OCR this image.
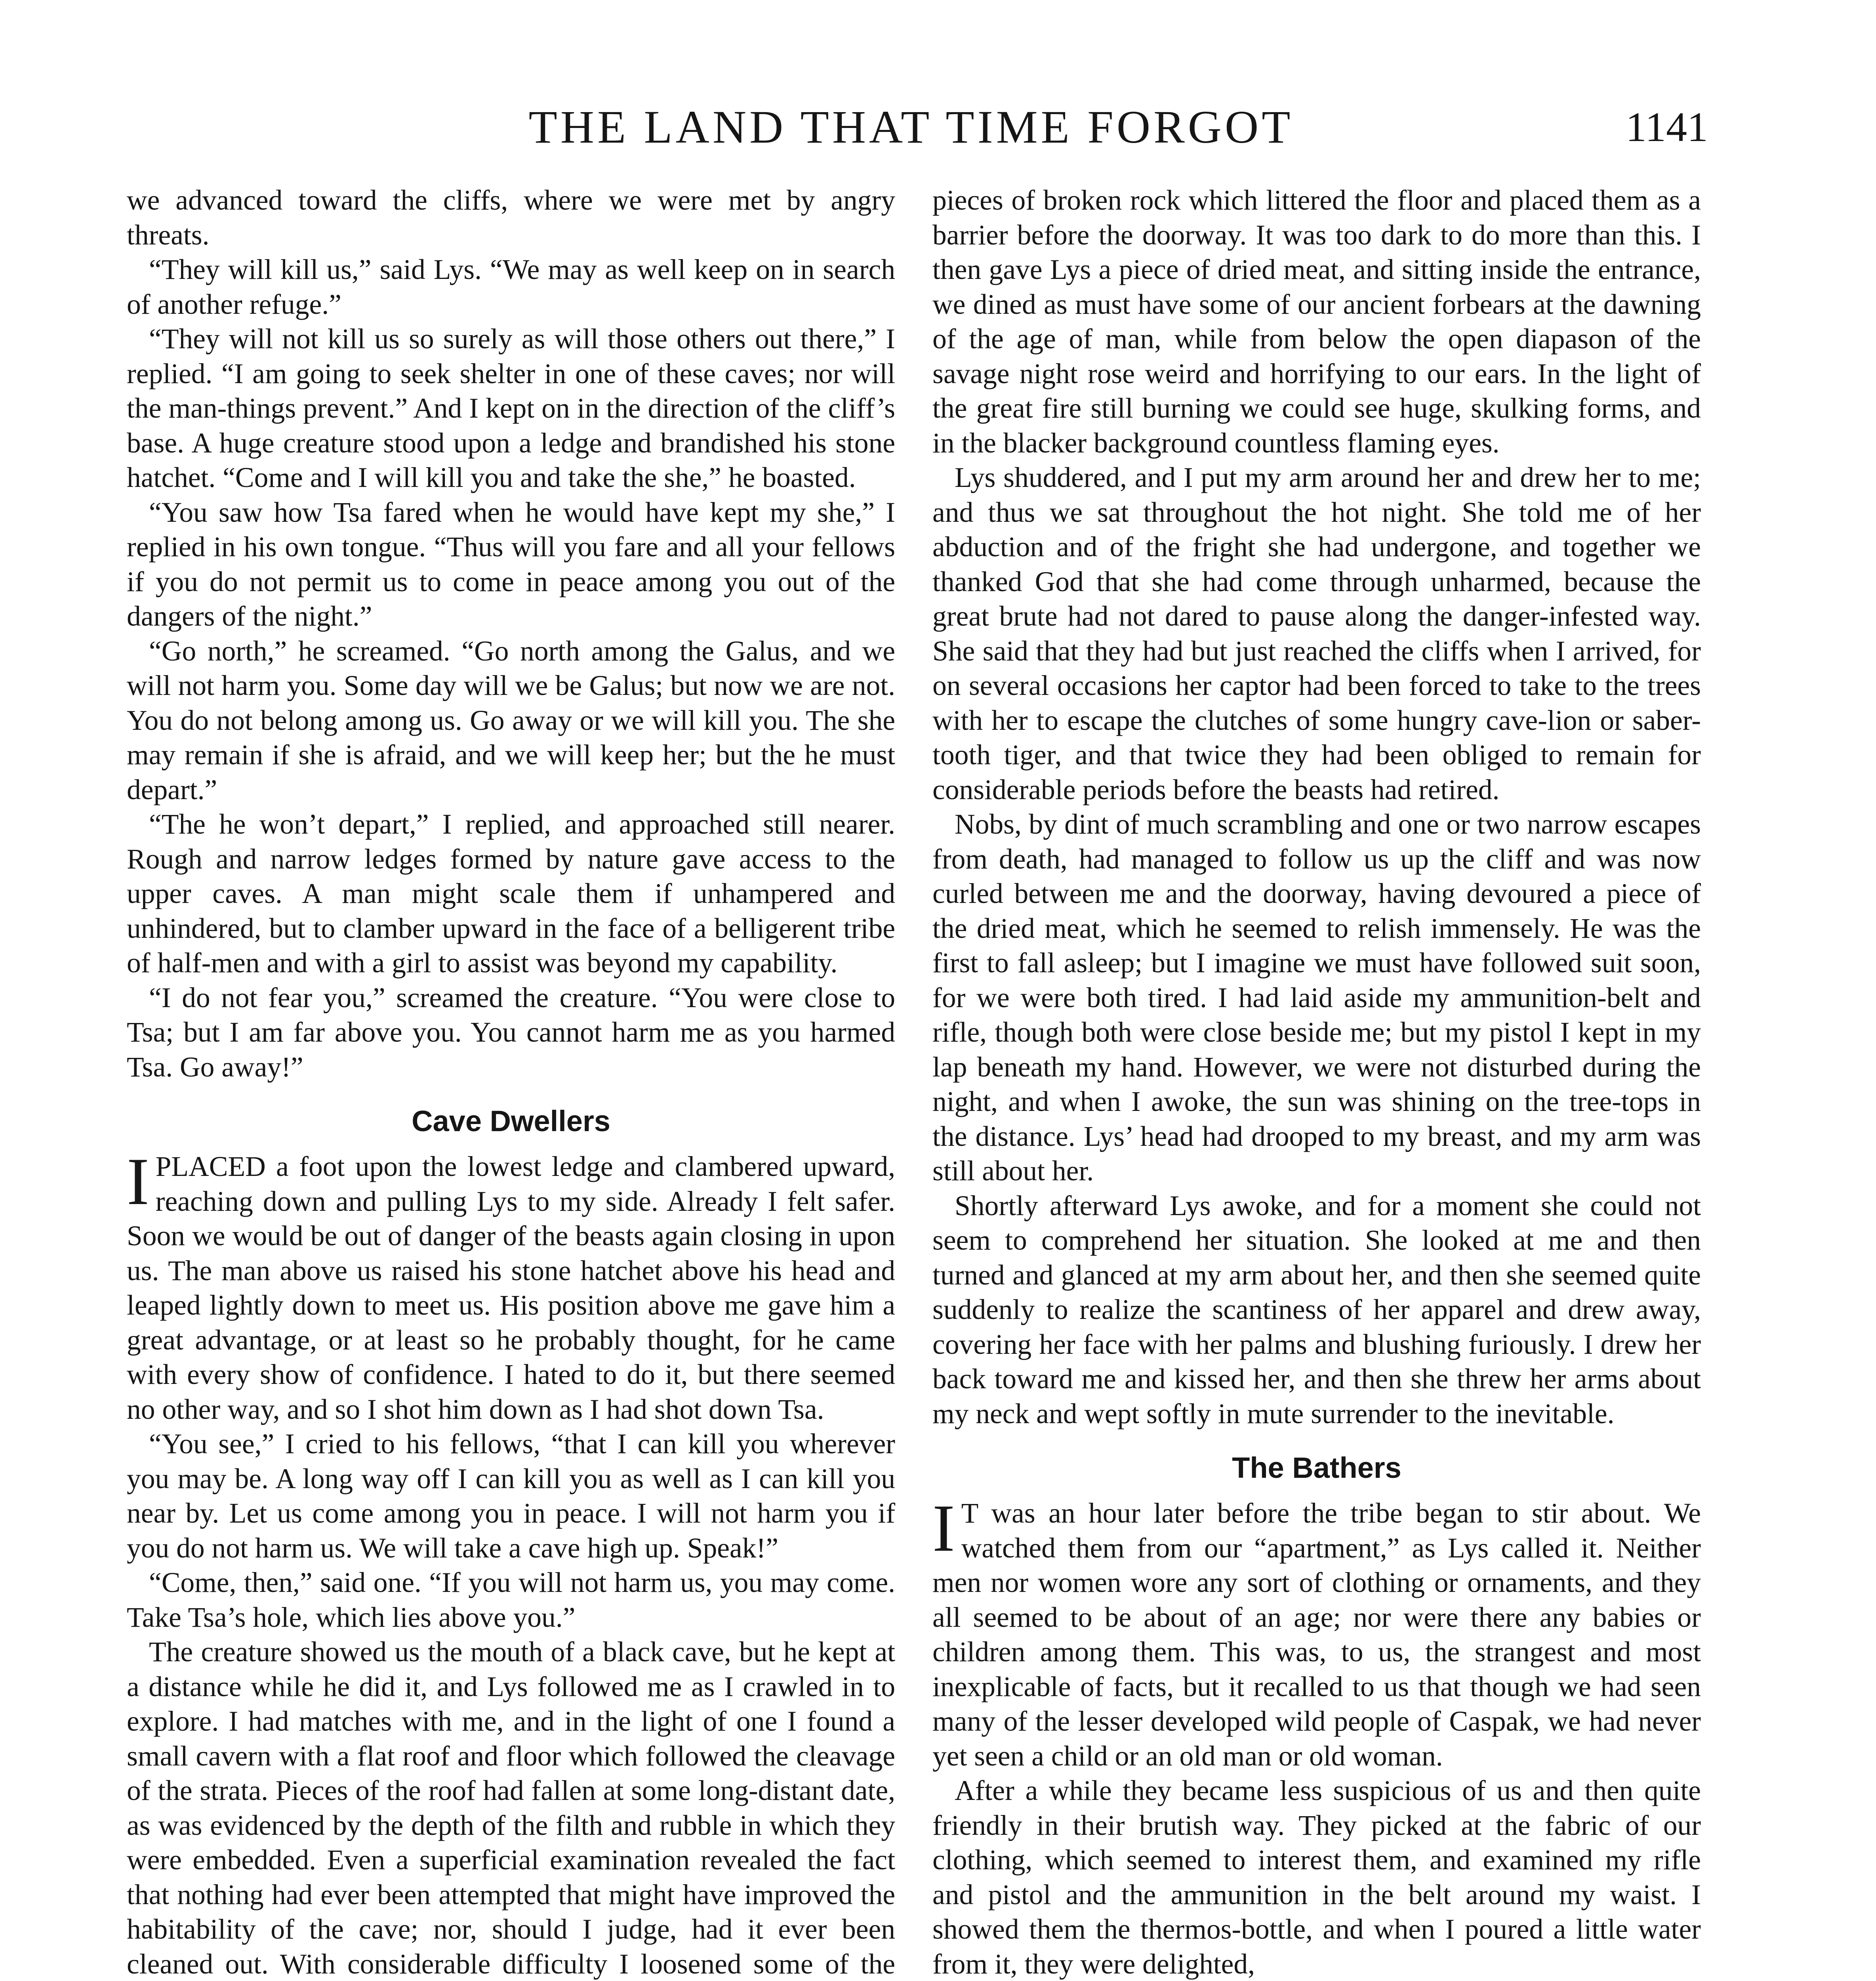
THE LAND THAT TIME FORGOT	1141

we advanced toward the cliffs, where we were met by angry threats.

“They will kill us,” said Lys. “We may as well keep on in search of another refuge.”

“They will not kill us so surely as will those others out there,” I replied. “I am going to seek shelter in one of these caves; nor will the man-things prevent.” And I kept on in the direction of the cliff’s base. A huge creature stood upon a ledge and brandished his stone hatchet. “Come and I will kill you and take the she,” he boasted.

“You saw how Tsa fared when he would have kept my she,” I replied in his own tongue. “Thus will you fare and all your fellows if you do not permit us to come in peace among you out of the dangers of the night.”

“Go north,” he screamed. “Go north among the Galus, and we will not harm you. Some day will we be Galus; but now we are not. You do not belong among us. Go away or we will kill you. The she may remain if she is afraid, and we will keep her; but the he must depart.”

“The he won’t depart,” I replied, and approached still nearer. Rough and narrow ledges formed by nature gave access to the upper caves. A man might scale them if unhampered and unhindered, but to clamber upward in the face of a belligerent tribe of half-men and with a girl to assist was beyond my capability.

“I do not fear you,” screamed the creature. “You were close to Tsa; but I am far above you. You cannot harm me as you harmed Tsa. Go away!”

Cave Dwellers

IPLACED a foot upon the lowest ledge and clambered upward, reaching down and pulling Lys to my side. Already I felt safer. Soon we would be out of danger of the beasts again closing in upon us. The man above us raised his stone hatchet above his head and leaped lightly down to meet us. His position above me gave him a great advantage, or at least so he probably thought, for he came with every show of confidence. I hated to do it, but there seemed no other way, and so I shot him down as I had shot down Tsa.

“You see,” I cried to his fellows, “that I can kill you wherever you may be. A long way off I can kill you as well as I can kill you near by. Let us come among you in peace. I will not harm you if you do not harm us. We will take a cave high up. Speak!”

“Come, then,” said one. “If you will not harm us, you may come. Take Tsa’s hole, which lies above you.”

The creature showed us the mouth of a black cave, but he kept at a distance while he did it, and Lys followed me as I crawled in to explore. I had matches with me, and in the light of one I found a small cavern with a flat roof and floor which followed the cleavage of the strata. Pieces of the roof had fallen at some long-distant date, as was evidenced by the depth of the filth and rubble in which they were embedded. Even a superficial examination revealed the fact that nothing had ever been attempted that might have improved the habitability of the cave; nor, should I judge, had it ever been cleaned out. With considerable difficulty I loosened some of the

pieces of broken rock which littered the floor and placed them as a barrier before the doorway. It was too dark to do more than this. I then gave Lys a piece of dried meat, and sitting inside the entrance, we dined as must have some of our ancient forbears at the dawning of the age of man, while from below the open diapason of the savage night rose weird and horrifying to our ears. In the light of the great fire still burning we could see huge, skulking forms, and in the blacker background countless flaming eyes.

Lys shuddered, and I put my arm around her and drew her to me; and thus we sat throughout the hot night. She told me of her abduction and of the fright she had undergone, and together we thanked God that she had come through unharmed, because the great brute had not dared to pause along the danger-infested way. She said that they had but just reached the cliffs when I arrived, for on several occasions her captor had been forced to take to the trees with her to escape the clutches of some hungry cave-lion or saber-tooth tiger, and that twice they had been obliged to remain for considerable periods before the beasts had retired.

Nobs, by dint of much scrambling and one or two narrow escapes from death, had managed to follow us up the cliff and was now curled between me and the doorway, having devoured a piece of the dried meat, which he seemed to relish immensely. He was the first to fall asleep; but I imagine we must have followed suit soon, for we were both tired. I had laid aside my ammunition-belt and rifle, though both were close beside me; but my pistol I kept in my lap beneath my hand. However, we were not disturbed during the night, and when I awoke, the sun was shining on the tree-tops in the distance. Lys’ head had drooped to my breast, and my arm was still about her.

Shortly afterward Lys awoke, and for a moment she could not seem to comprehend her situation. She looked at me and then turned and glanced at my arm about her, and then she seemed quite suddenly to realize the scantiness of her apparel and drew away, covering her face with her palms and blushing furiously. I drew her back toward me and kissed her, and then she threw her arms about my neck and wept softly in mute surrender to the inevitable.

The Bathers

I T was an hour later before the tribe began to stir about. We watched them from our “apartment,” as Lys called it. Neither men nor women wore any sort of clothing or ornaments, and they all seemed to be about of an age; nor were there any babies or children among them. This was, to us, the strangest and most inexplicable of facts, but it recalled to us that though we had seen many of the lesser developed wild people of Caspak, we had never yet seen a child or an old man or old woman.

After a while they became less suspicious of us and then quite friendly in their brutish way. They picked at the fabric of our clothing, which seemed to interest them, and examined my rifle and pistol and the ammunition in the belt around my waist. I showed them the thermos-bottle, and when I poured a little water from it, they were delighted,
